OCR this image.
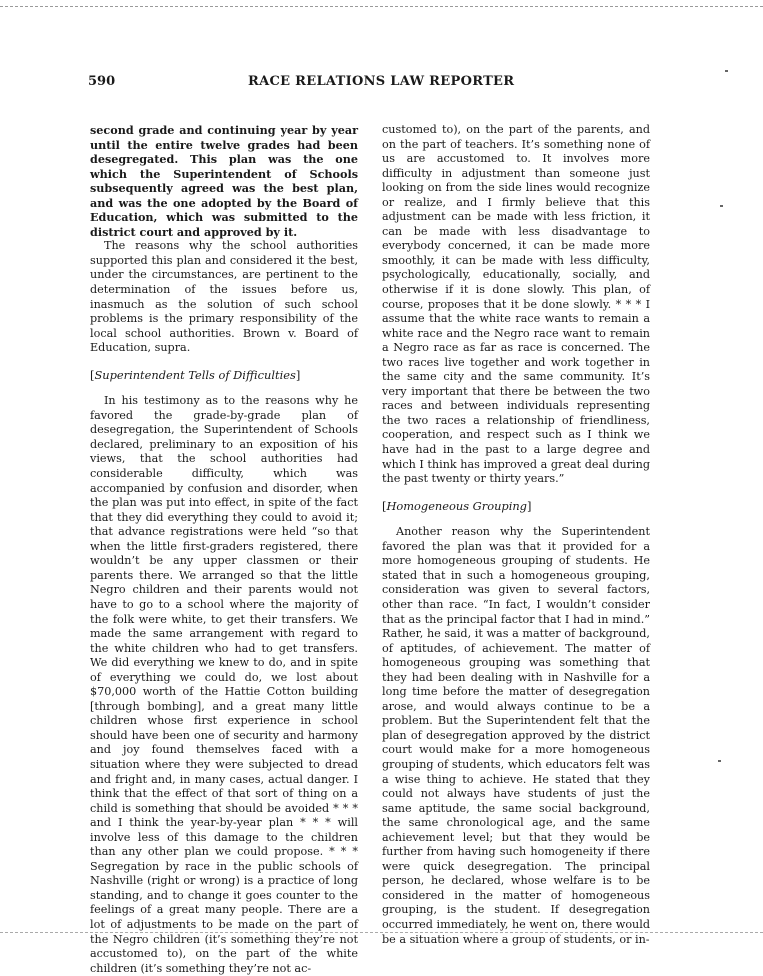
590	RACE RELATIONS LAW REPORTER

second grade and continuing year by year until the entire twelve grades had been desegregated. This plan was the one which the Superintendent of Schools subsequently agreed was the best plan, and was the one adopted by the Board of Education, which was submitted to the district court and approved by it.

The reasons why the school authorities supported this plan and considered it the best, under the circumstances, are pertinent to the determination of the issues before us, inasmuch as the solution of such school problems is the primary responsibility of the local school authorities. Brown v. Board of Education, supra.

[Superintendent Tells of Difficulties]

In his testimony as to the reasons why he favored the grade-by-grade plan of desegregation, the Superintendent of Schools declared, preliminary to an exposition of his views, that the school authorities had considerable difficulty, which was accompanied by confusion and disorder, when the plan was put into effect, in spite of the fact that they did everything they could to avoid it; that advance registrations were held “so that when the little first-graders registered, there wouldn’t be any upper classmen or their parents there. We arranged so that the little Negro children and their parents would not have to go to a school where the majority of the folk were white, to get their transfers. We made the same arrangement with regard to the white children who had to get transfers. We did everything we knew to do, and in spite of everything we could do, we lost about $70,000 worth of the Hattie Cotton building [through bombing], and a great many little children whose first experience in school should have been one of security and harmony and joy found themselves faced with a situation where they were subjected to dread and fright and, in many cases, actual danger. I think that the effect of that sort of thing on a child is something that should be avoided * * * and I think the year-by-year plan * * * will involve less of this damage to the children than any other plan we could propose. * * * Segregation by race in the public schools of Nashville (right or wrong) is a practice of long standing, and to change it goes counter to the feelings of a great many people. There are a lot of adjustments to be made on the part of the Negro children (it’s something they’re not accustomed to), on the part of the white children (it’s something they’re not ac-

customed to), on the part of the parents, and on the part of teachers. It’s something none of us are accustomed to. It involves more difficulty in adjustment than someone just looking on from the side lines would recognize or realize, and I firmly believe that this adjustment can be made with less friction, it can be made with less disadvantage to everybody concerned, it can be made more smoothly, it can be made with less difficulty, psychologically, educationally, socially, and otherwise if it is done slowly. This plan, of course, proposes that it be done slowly. * * * I assume that the white race wants to remain a white race and the Negro race want to remain a Negro race as far as race is concerned. The two races live together and work together in the same city and the same community. It’s very important that there be between the two races and between individuals representing the two races a relationship of friendliness, cooperation, and respect such as I think we have had in the past to a large degree and which I think has improved a great deal during the past twenty or thirty years.”

[Homogeneous Grouping]

Another reason why the Superintendent favored the plan was that it provided for a more homogeneous grouping of students. He stated that in such a homogeneous grouping, consideration was given to several factors, other than race. “In fact, I wouldn’t consider that as the principal factor that I had in mind.” Rather, he said, it was a matter of background, of aptitudes, of achievement. The matter of homogeneous grouping was something that they had been dealing with in Nashville for a long time before the matter of desegregation arose, and would always continue to be a problem. But the Superintendent felt that the plan of desegregation approved by the district court would make for a more homogeneous grouping of students, which educators felt was a wise thing to achieve. He stated that they could not always have students of just the same aptitude, the same social background, the same chronological age, and the same achievement level; but that they would be further from having such homogeneity if there were quick desegregation. The principal person, he declared, whose welfare is to be considered in the matter of homogeneous grouping, is the student. If desegregation occurred immediately, he went on, there would be a situation where a group of students, or in-
